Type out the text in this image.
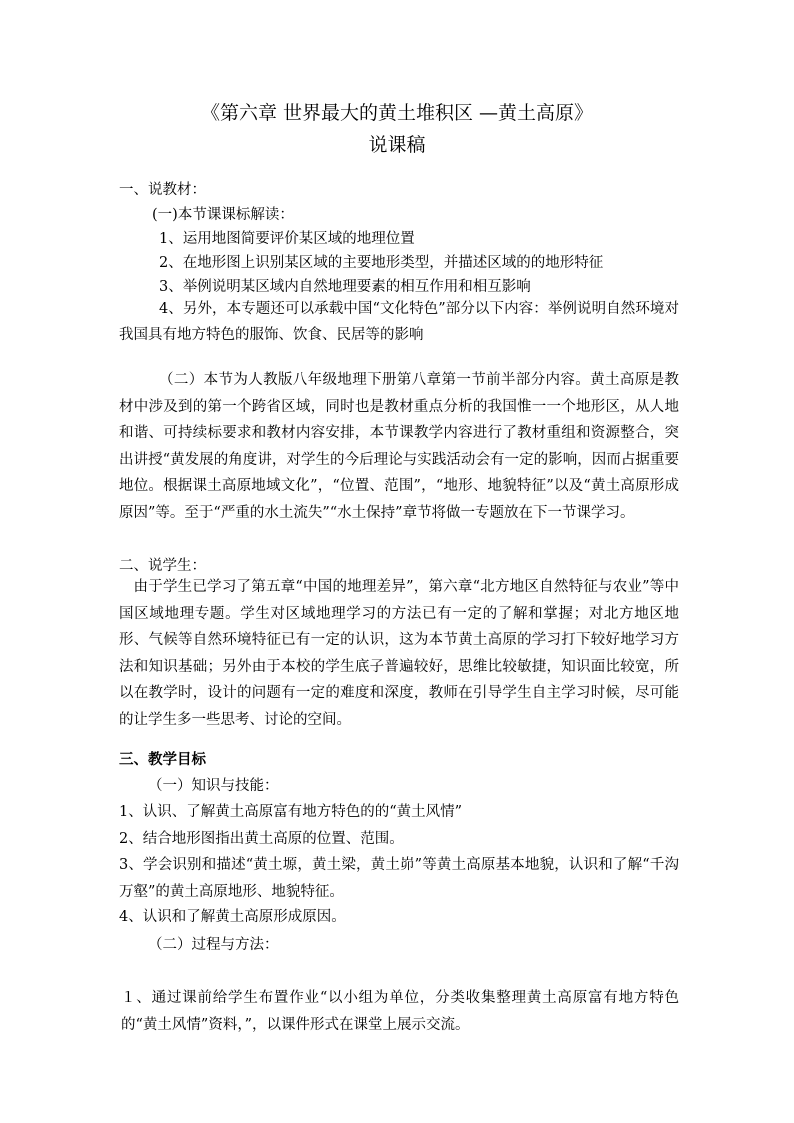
《第六章 世界最大的黄土堆积区 —黄土高原》
说课稿
一、说教材：
(一)本节课课标解读：
1、运用地图简要评价某区域的地理位置
2、在地形图上识别某区域的主要地形类型，并描述区域的的地形特征
3、举例说明某区域内自然地理要素的相互作用和相互影响
4、另外，本专题还可以承载中国“文化特色”部分以下内容：举例说明自然环境对我国具有地方特色的服饰、饮食、民居等的影响
（二）本节为人教版八年级地理下册第八章第一节前半部分内容。黄土高原是教材中涉及到的第一个跨省区域，同时也是教材重点分析的我国惟一一个地形区，从人地和谐、可持续标要求和教材内容安排，本节课教学内容进行了教材重组和资源整合，突出讲授“黄发展的角度讲，对学生的今后理论与实践活动会有一定的影响，因而占据重要地位。根据课土高原地域文化”，“位置、范围”，“地形、地貌特征”以及“黄土高原形成原因”等。至于“严重的水土流失”“水土保持”章节将做一专题放在下一节课学习。
二、说学生：
由于学生已学习了第五章“中国的地理差异”，第六章“北方地区自然特征与农业”等中国区域地理专题。学生对区域地理学习的方法已有一定的了解和掌握；对北方地区地形、气候等自然环境特征已有一定的认识，这为本节黄土高原的学习打下较好地学习方法和知识基础；另外由于本校的学生底子普遍较好，思维比较敏捷，知识面比较宽，所以在教学时，设计的问题有一定的难度和深度，教师在引导学生自主学习时候，尽可能的让学生多一些思考、讨论的空间。
三、教学目标
（一）知识与技能：
1、认识、了解黄土高原富有地方特色的的“黄土风情”
2、结合地形图指出黄土高原的位置、范围。
3、学会识别和描述“黄土塬，黄土梁，黄土峁”等黄土高原基本地貌，认识和了解“千沟万壑”的黄土高原地形、地貌特征。
4、认识和了解黄土高原形成原因。
（二）过程与方法：
１、通过课前给学生布置作业“以小组为单位，分类收集整理黄土高原富有地方特色的“黄土风情”资料，”，以课件形式在课堂上展示交流。
